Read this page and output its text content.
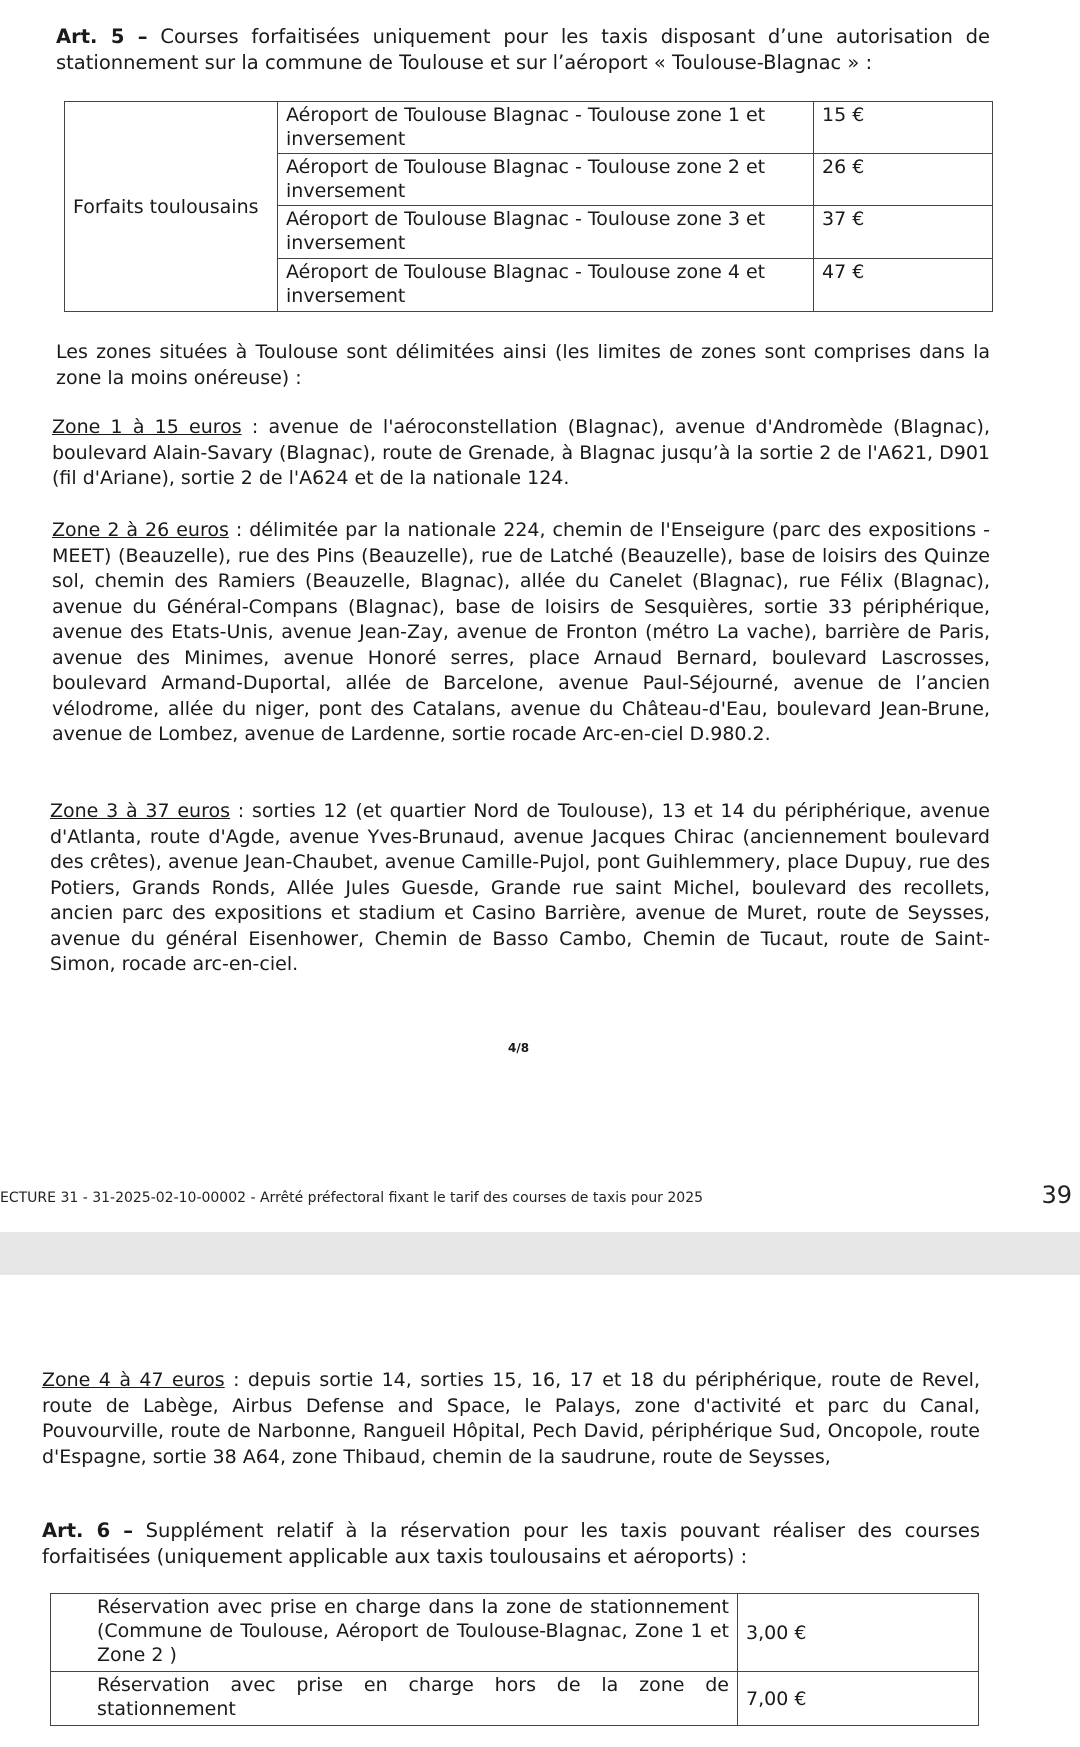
Art. 5 – Courses forfaitisées uniquement pour les taxis disposant d’une autorisation de
stationnement sur la commune de Toulouse et sur l’aéroport « Toulouse-Blagnac » :
Forfaits toulousains	Aéroport de Toulouse Blagnac - Toulouse zone 1 et inversement	15 €
	Aéroport de Toulouse Blagnac - Toulouse zone 2 et inversement	26 €
	Aéroport de Toulouse Blagnac - Toulouse zone 3 et inversement	37 €
	Aéroport de Toulouse Blagnac - Toulouse zone 4 et inversement	47 €
Les zones situées à Toulouse sont délimitées ainsi (les limites de zones sont comprises dans la zone la moins onéreuse) :
Zone 1 à 15 euros : avenue de l'aéroconstellation (Blagnac), avenue d'Andromède (Blagnac), boulevard Alain-Savary (Blagnac), route de Grenade, à Blagnac jusqu’à la sortie 2 de l'A621, D901 (fil d'Ariane), sortie 2 de l'A624 et de la nationale 124.
Zone 2 à 26 euros : délimitée par la nationale 224, chemin de l'Enseigure (parc des expositions - MEET) (Beauzelle), rue des Pins (Beauzelle), rue de Latché (Beauzelle), base de loisirs des Quinze sol, chemin des Ramiers (Beauzelle, Blagnac), allée du Canelet (Blagnac), rue Félix (Blagnac), avenue du Général-Compans (Blagnac), base de loisirs de Sesquières, sortie 33 périphérique, avenue des Etats-Unis, avenue Jean-Zay, avenue de Fronton (métro La vache), barrière de Paris, avenue des Minimes, avenue Honoré serres, place Arnaud Bernard, boulevard Lascrosses, boulevard Armand-Duportal, allée de Barcelone, avenue Paul-Séjourné, avenue de l’ancien vélodrome, allée du niger, pont des Catalans, avenue du Château-d'Eau, boulevard Jean-Brune, avenue de Lombez, avenue de Lardenne, sortie rocade Arc-en-ciel D.980.2.
Zone 3 à 37 euros : sorties 12 (et quartier Nord de Toulouse), 13 et 14 du périphérique, avenue d'Atlanta, route d'Agde, avenue Yves-Brunaud, avenue Jacques Chirac (anciennement boulevard des crêtes), avenue Jean-Chaubet, avenue Camille-Pujol, pont Guihlemmery, place Dupuy, rue des Potiers, Grands Ronds, Allée Jules Guesde, Grande rue saint Michel, boulevard des recollets, ancien parc des expositions et stadium et Casino Barrière, avenue de Muret, route de Seysses, avenue du général Eisenhower, Chemin de Basso Cambo, Chemin de Tucaut, route de Saint-Simon, rocade arc-en-ciel.
4/8
ECTURE 31 - 31-2025-02-10-00002 - Arrêté préfectoral fixant le tarif des courses de taxis pour 2025	39
Zone 4 à 47 euros : depuis sortie 14, sorties 15, 16, 17 et 18 du périphérique, route de Revel, route de Labège, Airbus Defense and Space, le Palays, zone d'activité et parc du Canal, Pouvourville, route de Narbonne, Rangueil Hôpital, Pech David, périphérique Sud, Oncopole, route d'Espagne, sortie 38 A64, zone Thibaud, chemin de la saudrune, route de Seysses,
Art. 6 – Supplément relatif à la réservation pour les taxis pouvant réaliser des courses
forfaitisées (uniquement applicable aux taxis toulousains et aéroports) :
Réservation avec prise en charge dans la zone de stationnement (Commune de Toulouse, Aéroport de Toulouse-Blagnac, Zone 1 et Zone 2 )	3,00 €
Réservation avec prise en charge hors de la zone de stationnement	7,00 €
